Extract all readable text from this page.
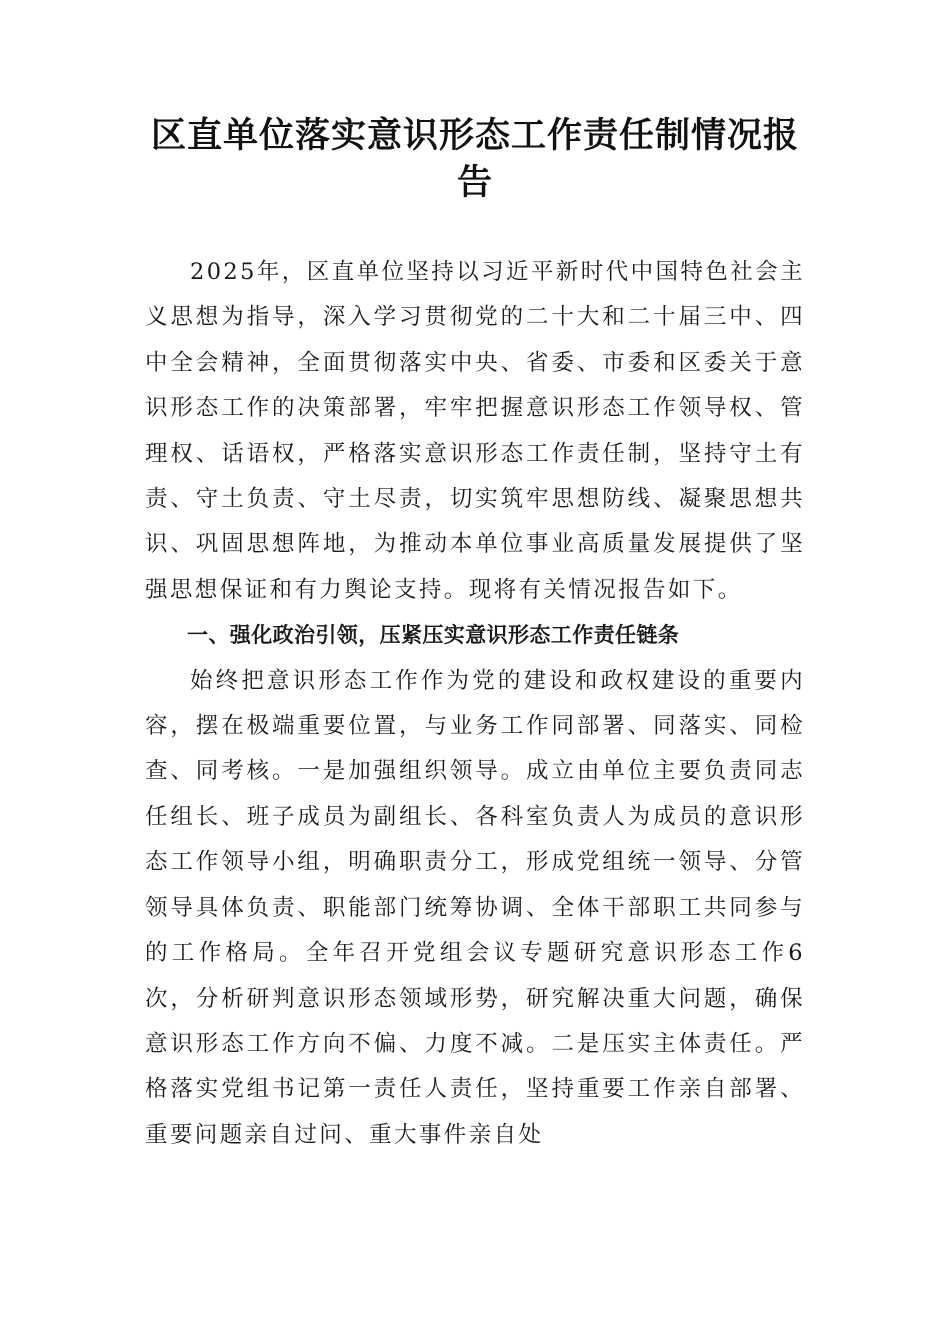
区直单位落实意识形态工作责任制情况报告

2025年，区直单位坚持以习近平新时代中国特色社会主义思想为指导，深入学习贯彻党的二十大和二十届三中、四中全会精神，全面贯彻落实中央、省委、市委和区委关于意识形态工作的决策部署，牢牢把握意识形态工作领导权、管理权、话语权，严格落实意识形态工作责任制，坚持守土有责、守土负责、守土尽责，切实筑牢思想防线、凝聚思想共识、巩固思想阵地，为推动本单位事业高质量发展提供了坚强思想保证和有力舆论支持。现将有关情况报告如下。

一、强化政治引领，压紧压实意识形态工作责任链条

始终把意识形态工作作为党的建设和政权建设的重要内容，摆在极端重要位置，与业务工作同部署、同落实、同检查、同考核。一是加强组织领导。成立由单位主要负责同志任组长、班子成员为副组长、各科室负责人为成员的意识形态工作领导小组，明确职责分工，形成党组统一领导、分管领导具体负责、职能部门统筹协调、全体干部职工共同参与的工作格局。全年召开党组会议专题研究意识形态工作6次，分析研判意识形态领域形势，研究解决重大问题，确保意识形态工作方向不偏、力度不减。二是压实主体责任。严格落实党组书记第一责任人责任，坚持重要工作亲自部署、重要问题亲自过问、重大事件亲自处
